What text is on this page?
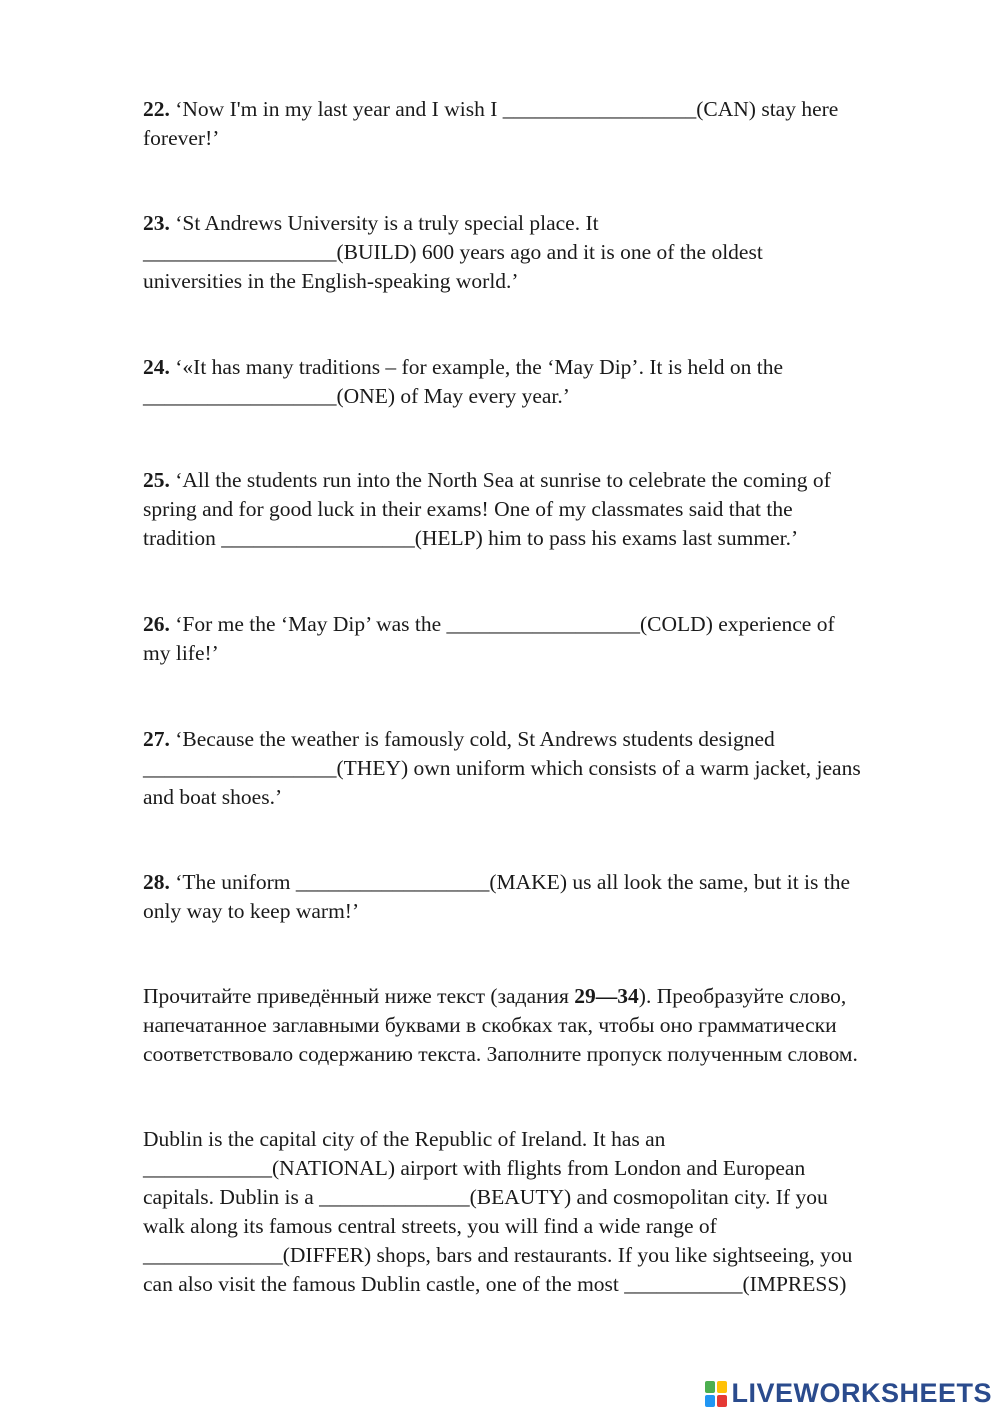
22. ‘Now I'm in my last year and I wish I __________________(CAN) stay here
forever!’

23. ‘St Andrews University is a truly special place. It
__________________(BUILD) 600 years ago and it is one of the oldest
universities in the English-speaking world.’

24. ‘«It has many traditions – for example, the ‘May Dip’. It is held on the
__________________(ONE) of May every year.’

25. ‘All the students run into the North Sea at sunrise to celebrate the coming of
spring and for good luck in their exams! One of my classmates said that the
tradition __________________(HELP) him to pass his exams last summer.’

26. ‘For me the ‘May Dip’ was the __________________(COLD) experience of
my life!’

27. ‘Because the weather is famously cold, St Andrews students designed
__________________(THEY) own uniform which consists of a warm jacket, jeans
and boat shoes.’

28. ‘The uniform __________________(MAKE) us all look the same, but it is the
only way to keep warm!’

Прочитайте приведённый ниже текст (задания 29—34). Преобразуйте слово,
напечатанное заглавными буквами в скобках так, чтобы оно грамматически
соответствовало содержанию текста. Заполните пропуск полученным словом.

Dublin is the capital city of the Republic of Ireland. It has an
____________(NATIONAL) airport with flights from London and European
capitals. Dublin is a ______________(BEAUTY) and cosmopolitan city. If you
walk along its famous central streets, you will find a wide range of
_____________(DIFFER) shops, bars and restaurants. If you like sightseeing, you
can also visit the famous Dublin castle, one of the most ___________(IMPRESS)

LIVEWORKSHEETS
